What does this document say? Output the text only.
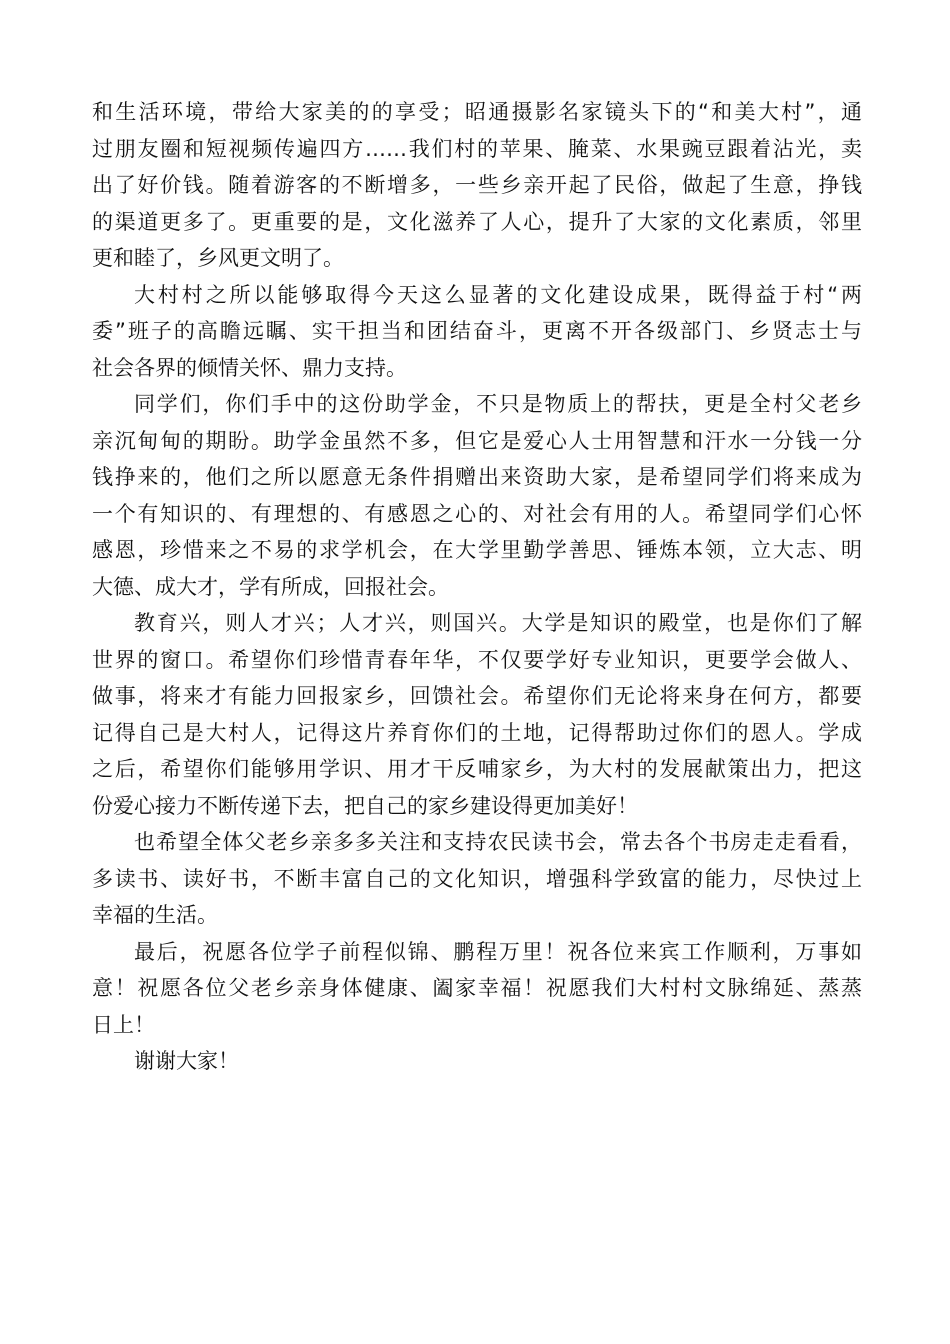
和生活环境，带给大家美的的享受；昭通摄影名家镜头下的“和美大村”，通
过朋友圈和短视频传遍四方……我们村的苹果、腌菜、水果豌豆跟着沾光，卖
出了好价钱。随着游客的不断增多，一些乡亲开起了民俗，做起了生意，挣钱
的渠道更多了。更重要的是，文化滋养了人心，提升了大家的文化素质，邻里
更和睦了，乡风更文明了。
大村村之所以能够取得今天这么显著的文化建设成果，既得益于村“两
委”班子的高瞻远瞩、实干担当和团结奋斗，更离不开各级部门、乡贤志士与
社会各界的倾情关怀、鼎力支持。
同学们，你们手中的这份助学金，不只是物质上的帮扶，更是全村父老乡
亲沉甸甸的期盼。助学金虽然不多，但它是爱心人士用智慧和汗水一分钱一分
钱挣来的，他们之所以愿意无条件捐赠出来资助大家，是希望同学们将来成为
一个有知识的、有理想的、有感恩之心的、对社会有用的人。希望同学们心怀
感恩，珍惜来之不易的求学机会，在大学里勤学善思、锤炼本领，立大志、明
大德、成大才，学有所成，回报社会。
教育兴，则人才兴；人才兴，则国兴。大学是知识的殿堂，也是你们了解
世界的窗口。希望你们珍惜青春年华，不仅要学好专业知识，更要学会做人、
做事，将来才有能力回报家乡，回馈社会。希望你们无论将来身在何方，都要
记得自己是大村人，记得这片养育你们的土地，记得帮助过你们的恩人。学成
之后，希望你们能够用学识、用才干反哺家乡，为大村的发展献策出力，把这
份爱心接力不断传递下去，把自己的家乡建设得更加美好！
也希望全体父老乡亲多多关注和支持农民读书会，常去各个书房走走看看，
多读书、读好书，不断丰富自己的文化知识，增强科学致富的能力，尽快过上
幸福的生活。
最后，祝愿各位学子前程似锦、鹏程万里！祝各位来宾工作顺利，万事如
意！祝愿各位父老乡亲身体健康、阖家幸福！祝愿我们大村村文脉绵延、蒸蒸
日上！
谢谢大家！
